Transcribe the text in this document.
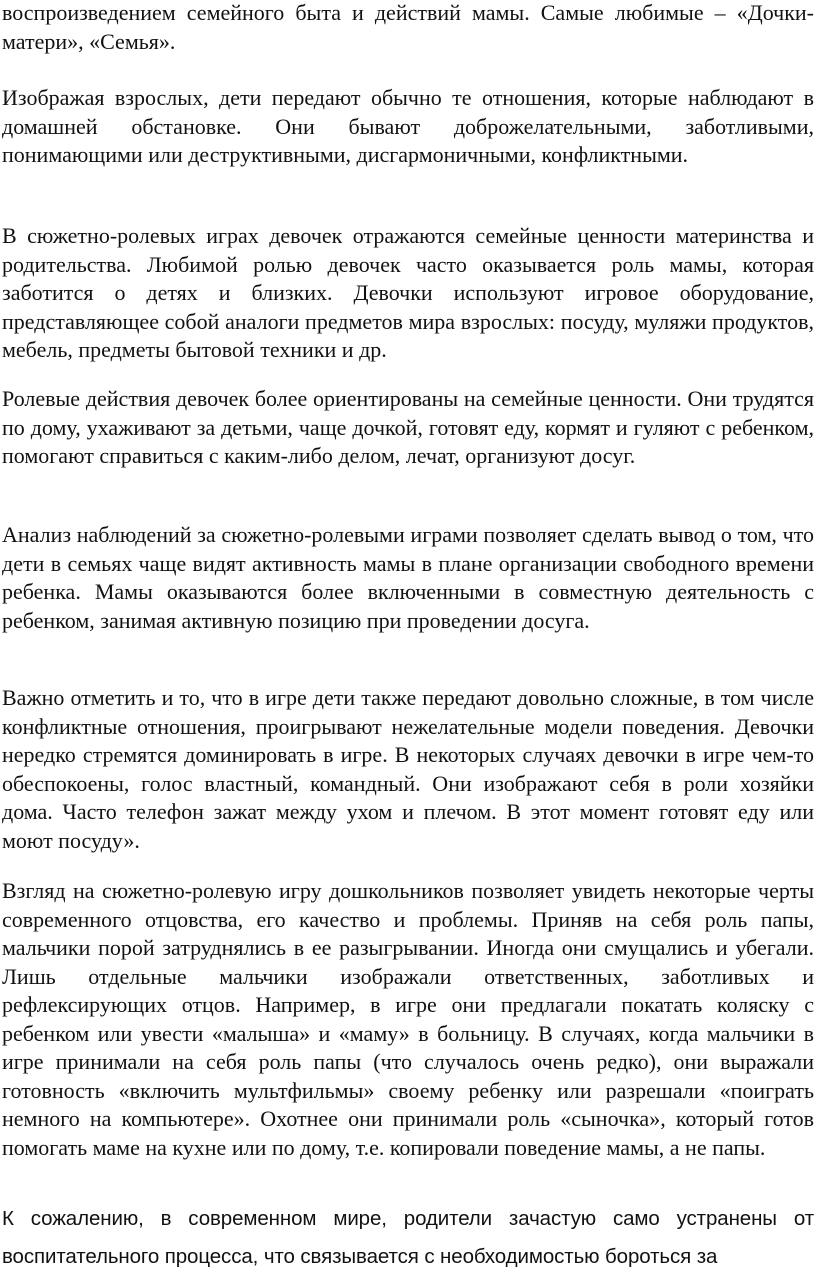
воспроизведением семейного быта и действий мамы. Самые любимые – «Дочки-матери», «Семья».

Изображая взрослых, дети передают обычно те отношения, которые наблюдают в домашней обстановке. Они бывают доброжелательными, заботливыми, понимающими или деструктивными, дисгармоничными, конфликтными.

В сюжетно-ролевых играх девочек отражаются семейные ценности материнства и родительства. Любимой ролью девочек часто оказывается роль мамы, которая заботится о детях и близких. Девочки используют игровое оборудование, представляющее собой аналоги предметов мира взрослых: посуду, муляжи продуктов, мебель, предметы бытовой техники и др.

Ролевые действия девочек более ориентированы на семейные ценности. Они трудятся по дому, ухаживают за детьми, чаще дочкой, готовят еду, кормят и гуляют с ребенком, помогают справиться с каким-либо делом, лечат, организуют досуг.

Анализ наблюдений за сюжетно-ролевыми играми позволяет сделать вывод о том, что дети в семьях чаще видят активность мамы в плане организации свободного времени ребенка. Мамы оказываются более включенными в совместную деятельность с ребенком, занимая активную позицию при проведении досуга.

Важно отметить и то, что в игре дети также передают довольно сложные, в том числе конфликтные отношения, проигрывают нежелательные модели поведения. Девочки нередко стремятся доминировать в игре. В некоторых случаях девочки в игре чем-то обеспокоены, голос властный, командный. Они изображают себя в роли хозяйки дома. Часто телефон зажат между ухом и плечом. В этот момент готовят еду или моют посуду».

Взгляд на сюжетно-ролевую игру дошкольников позволяет увидеть некоторые черты современного отцовства, его качество и проблемы. Приняв на себя роль папы, мальчики порой затруднялись в ее разыгрывании. Иногда они смущались и убегали. Лишь отдельные мальчики изображали ответственных, заботливых и рефлексирующих отцов. Например, в игре они предлагали покатать коляску с ребенком или увести «малыша» и «маму» в больницу. В случаях, когда мальчики в игре принимали на себя роль папы (что случалось очень редко), они выражали готовность «включить мультфильмы» своему ребенку или разрешали «поиграть немного на компьютере». Охотнее они принимали роль «сыночка», который готов помогать маме на кухне или по дому, т.е. копировали поведение мамы, а не папы.

К сожалению, в современном мире, родители зачастую само устранены от воспитательного процесса, что связывается с необходимостью бороться за
